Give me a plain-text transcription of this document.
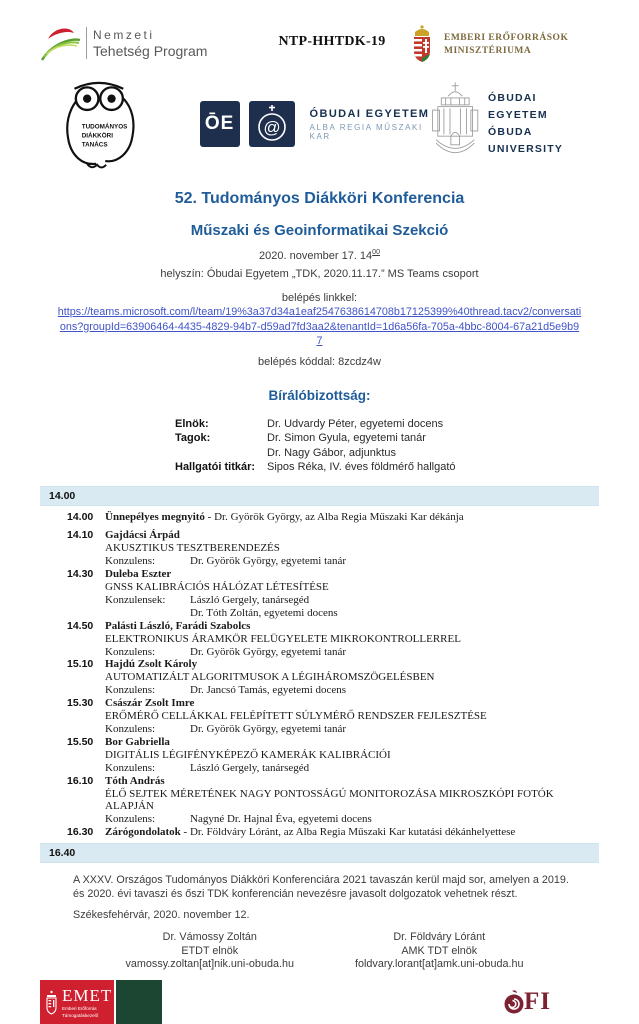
Nemzeti
Tehetség Program
NTP-HHTDK-19	EMBERI ERŐFORRÁSOK
MINISZTÉRIUMA
TUDOMÁNYOS
DIÁKKÖRI
TANÁCS
ŌE @
ÓBUDAI EGYETEM
ALBA REGIA MŰSZAKI KAR
ÓBUDAI EGYETEM
ÓBUDA UNIVERSITY
52. Tudományos Diákköri Konferencia
Műszaki és Geoinformatikai Szekció
2020. november 17. $14^{00}$
helyszín: Óbudai Egyetem „TDK, 2020.11.17.” MS Teams csoport
belépés linkkel:
https://teams.microsoft.com/l/team/19%3a37d34a1eaf2547638614708b17125399%40thread.tacv2/conversations?groupId=63906464-4435-4829-94b7-d59ad7fd3aa2&tenantId=1d6a56fa-705a-4bbc-8004-67a21d5e9b97
belépés kóddal: 8zcdz4w
Bírálóbizottság:
Elnök:	Dr. Udvardy Péter, egyetemi docens
Tagok:	Dr. Simon Gyula, egyetemi tanár
Dr. Nagy Gábor, adjunktus
Hallgatói titkár:	Sipos Réka, IV. éves földmérő hallgató
14.00
14.00	Ünnepélyes megnyitó - Dr. Györök György, az Alba Regia Műszaki Kar dékánja
14.10	Gajdácsi Árpád
AKUSZTIKUS TESZTBERENDEZÉS
Konzulens:	Dr. Györök György, egyetemi tanár
14.30	Duleba Eszter
GNSS KALIBRÁCIÓS HÁLÓZAT LÉTESÍTÉSE
Konzulensek:	László Gergely, tanársegéd
Dr. Tóth Zoltán, egyetemi docens
14.50	Palásti László, Farádi Szabolcs
ELEKTRONIKUS ÁRAMKÖR FELÜGYELETE MIKROKONTROLLERREL
Konzulens:	Dr. Györök György, egyetemi tanár
15.10	Hajdú Zsolt Károly
AUTOMATIZÁLT ALGORITMUSOK A LÉGIHÁROMSZÖGELÉSBEN
Konzulens:	Dr. Jancsó Tamás, egyetemi docens
15.30	Császár Zsolt Imre
ERŐMÉRŐ CELLÁKKAL FELÉPÍTETT SÚLYMÉRŐ RENDSZER FEJLESZTÉSE
Konzulens:	Dr. Györök György, egyetemi tanár
15.50	Bor Gabriella
DIGITÁLIS LÉGIFÉNYKÉPEZŐ KAMERÁK KALIBRÁCIÓI
Konzulens:	László Gergely, tanársegéd
16.10	Tóth András
ÉLŐ SEJTEK MÉRETÉNEK NAGY PONTOSSÁGÚ MONITOROZÁSA MIKROSZKÓPI FOTÓK ALAPJÁN
Konzulens:	Nagyné Dr. Hajnal Éva, egyetemi docens
16.30	Zárógondolatok - Dr. Földváry Lóránt, az Alba Regia Műszaki Kar kutatási dékánhelyettese
16.40
A XXXV. Országos Tudományos Diákköri Konferenciára 2021 tavaszán kerül majd sor, amelyen a 2019. és 2020. évi tavaszi és őszi TDK konferencián nevezésre javasolt dolgozatok vehetnek részt.
Székesfehérvár, 2020. november 12.
Dr. Vámossy Zoltán
ETDT elnök
vamossy.zoltan[at]nik.uni-obuda.hu
Dr. Földváry Lóránt
AMK TDT elnök
foldvary.lorant[at]amk.uni-obuda.hu
EMET
Emberi Erőforrás
Támogatáskezelő
FI
